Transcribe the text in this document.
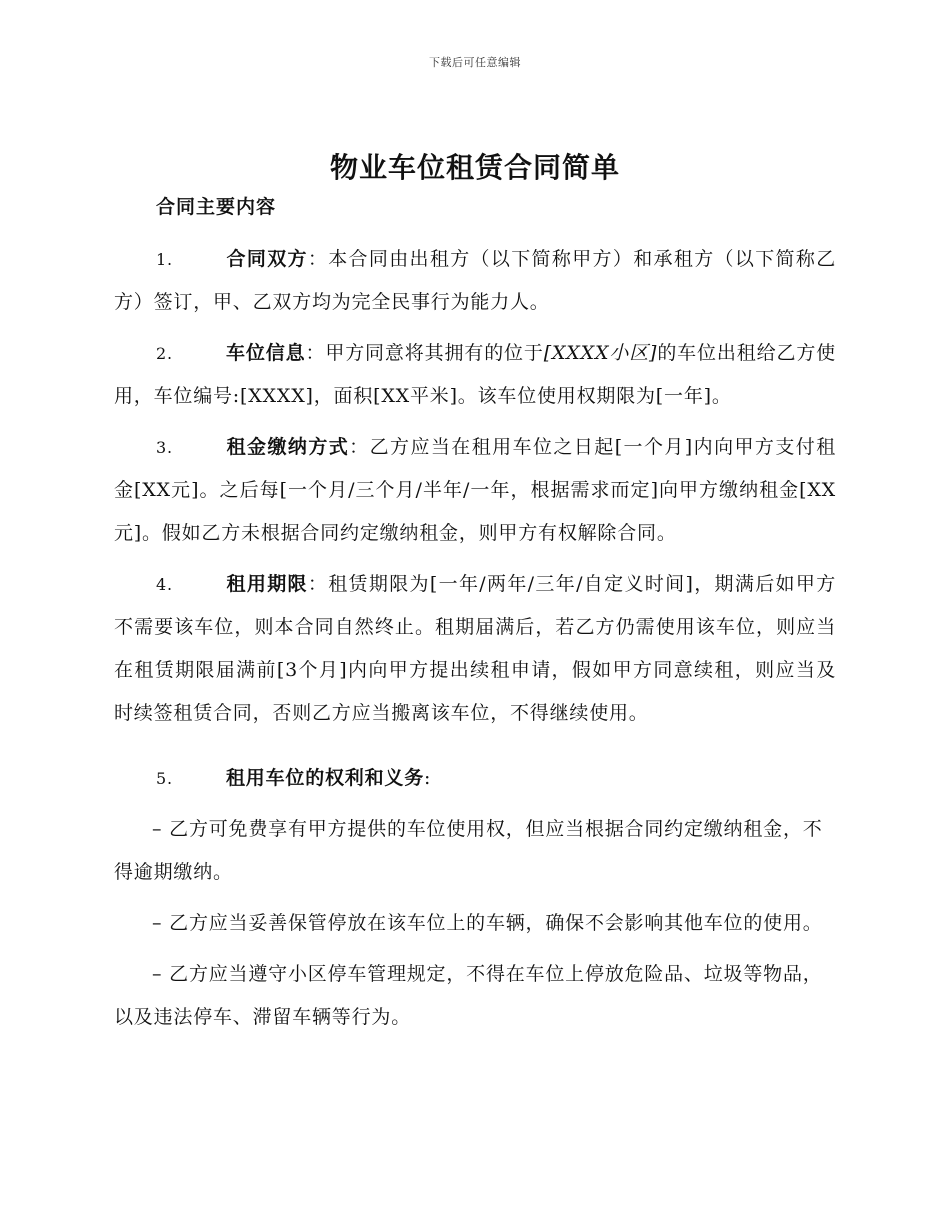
下载后可任意编辑
物业车位租赁合同简单
合同主要内容

1.	合同双方：本合同由出租方（以下简称甲方）和承租方（以下简称乙方）签订，甲、乙双方均为完全民事行为能力人。

2.	车位信息：甲方同意将其拥有的位于[XXXX小区]的车位出租给乙方使用，车位编号:[XXXX]，面积[XX平米]。该车位使用权期限为[一年]。

3.	租金缴纳方式：乙方应当在租用车位之日起[一个月]内向甲方支付租金[XX元]。之后每[一个月/三个月/半年/一年，根据需求而定]向甲方缴纳租金[XX元]。假如乙方未根据合同约定缴纳租金，则甲方有权解除合同。

4.	租用期限：租赁期限为[一年/两年/三年/自定义时间]，期满后如甲方不需要该车位，则本合同自然终止。租期届满后，若乙方仍需使用该车位，则应当在租赁期限届满前[3个月]内向甲方提出续租申请，假如甲方同意续租，则应当及时续签租赁合同，否则乙方应当搬离该车位，不得继续使用。

5.	租用车位的权利和义务:

– 乙方可免费享有甲方提供的车位使用权，但应当根据合同约定缴纳租金，不得逾期缴纳。

– 乙方应当妥善保管停放在该车位上的车辆，确保不会影响其他车位的使用。

– 乙方应当遵守小区停车管理规定，不得在车位上停放危险品、垃圾等物品，以及违法停车、滞留车辆等行为。
